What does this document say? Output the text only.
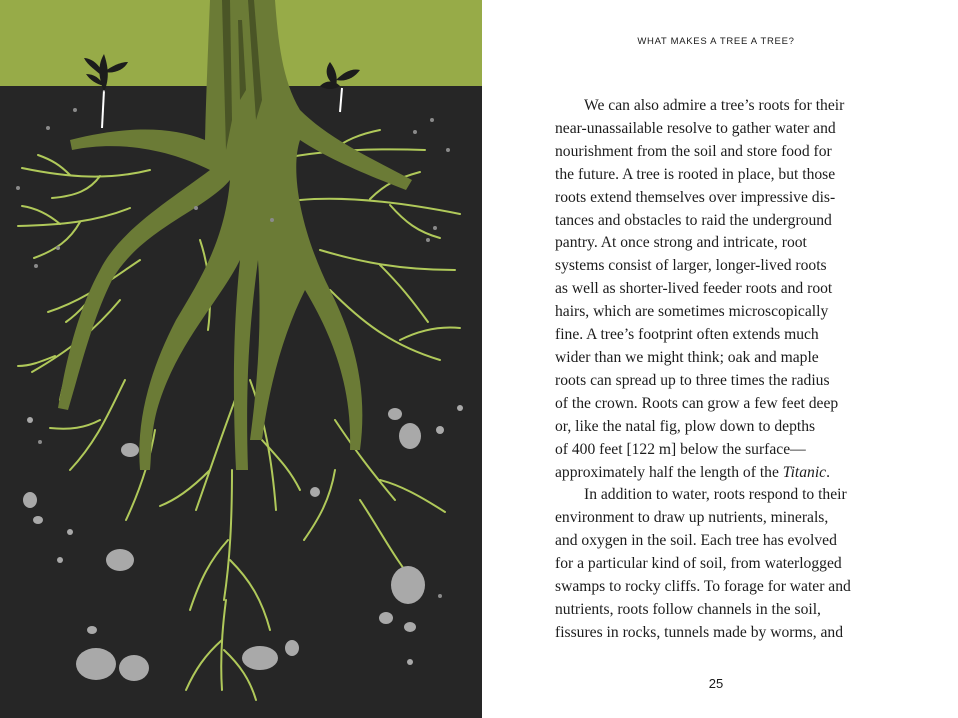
WHAT MAKES A TREE A TREE?
We can also admire a tree’s roots for their
near-unassailable resolve to gather water and
nourishment from the soil and store food for
the future. A tree is rooted in place, but those
roots extend themselves over impressive dis-
tances and obstacles to raid the underground
pantry. At once strong and intricate, root
systems consist of larger, longer-lived roots
as well as shorter-lived feeder roots and root
hairs, which are sometimes microscopically
fine. A tree’s footprint often extends much
wider than we might think; oak and maple
roots can spread up to three times the radius
of the crown. Roots can grow a few feet deep
or, like the natal fig, plow down to depths
of 400 feet [122 m] below the surface—
approximately half the length of the Titanic.
In addition to water, roots respond to their
environment to draw up nutrients, minerals,
and oxygen in the soil. Each tree has evolved
for a particular kind of soil, from waterlogged
swamps to rocky cliffs. To forage for water and
nutrients, roots follow channels in the soil,
fissures in rocks, tunnels made by worms, and
25
